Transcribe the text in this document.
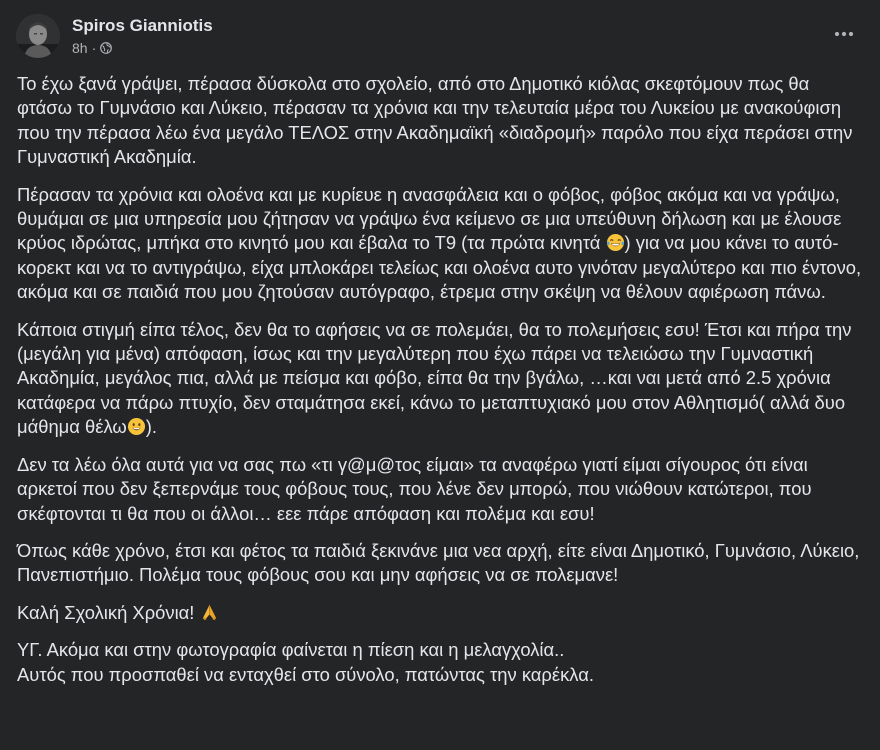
Spiros Gianniotis
8h ·

Το έχω ξανά γράψει, πέρασα δύσκολα στο σχολείο, από στο Δημοτικό κιόλας σκεφτόμουν πως θα φτάσω το Γυμνάσιο και Λύκειο, πέρασαν τα χρόνια και την τελευταία μέρα του Λυκείου με ανακούφιση που την πέρασα λέω ένα μεγάλο ΤΕΛΟΣ στην Ακαδημαϊκή «διαδρομή» παρόλο που είχα περάσει στην Γυμναστική Ακαδημία.

Πέρασαν τα χρόνια και ολοένα και με κυρίευε η ανασφάλεια και ο φόβος, φόβος ακόμα και να γράψω, θυμάμαι σε μια υπηρεσία μου ζήτησαν να γράψω ένα κείμενο σε μια υπεύθυνη δήλωση και με έλουσε κρύος ιδρώτας, μπήκα στο κινητό μου και έβαλα το Τ9 (τα πρώτα κινητά ) για να μου κάνει το αυτό-κορεκτ και να το αντιγράψω, είχα μπλοκάρει τελείως και ολοένα αυτο γινόταν μεγαλύτερο και πιο έντονο, ακόμα και σε παιδιά που μου ζητούσαν αυτόγραφο, έτρεμα στην σκέψη να θέλουν αφιέρωση πάνω.

Κάποια στιγμή είπα τέλος, δεν θα το αφήσεις να σε πολεμάει, θα το πολεμήσεις εσυ! Έτσι και πήρα την (μεγάλη για μένα) απόφαση, ίσως και την μεγαλύτερη που έχω πάρει να τελειώσω την Γυμναστική Ακαδημία, μεγάλος πια, αλλά με πείσμα και φόβο, είπα θα την βγάλω, …και ναι μετά από 2.5 χρόνια κατάφερα να πάρω πτυχίο, δεν σταμάτησα εκεί, κάνω το μεταπτυχιακό μου στον Αθλητισμό( αλλά δυο μάθημα θέλω ).

Δεν τα λέω όλα αυτά για να σας πω «τι γ@μ@τος είμαι» τα αναφέρω γιατί είμαι σίγουρος ότι είναι αρκετοί που δεν ξεπερνάμε τους φόβους τους, που λένε δεν μπορώ, που νιώθουν κατώτεροι, που σκέφτονται τι θα που οι άλλοι… εεε πάρε απόφαση και πολέμα και εσυ!

Όπως κάθε χρόνο, έτσι και φέτος τα παιδιά ξεκινάνε μια νεα αρχή, είτε είναι Δημοτικό, Γυμνάσιο, Λύκειο, Πανεπιστήμιο. Πολέμα τους φόβους σου και μην αφήσεις να σε πολεμανε!

Καλή Σχολική Χρόνια!

ΥΓ. Ακόμα και στην φωτογραφία φαίνεται η πίεση και η μελαγχολία..
Αυτός που προσπαθεί να ενταχθεί στο σύνολο, πατώντας την καρέκλα.
